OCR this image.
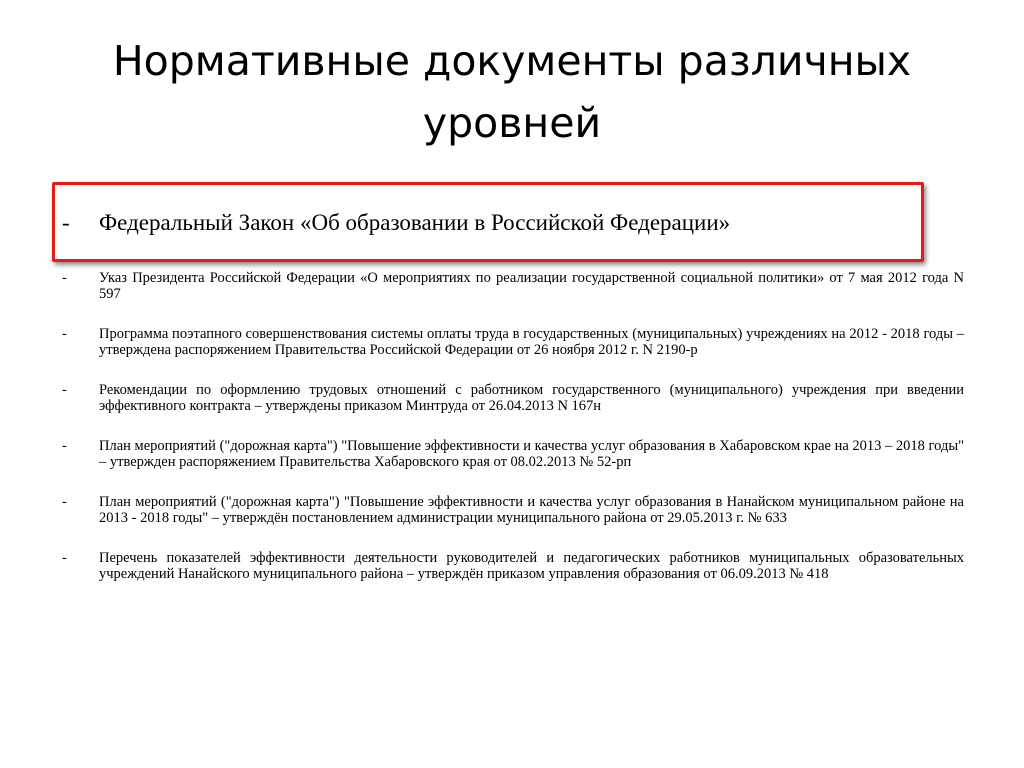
Нормативные документы различных уровней
- Федеральный Закон «Об образовании в Российской Федерации»
- Указ Президента Российской Федерации «О мероприятиях по реализации государственной социальной политики» от 7 мая 2012 года N 597
- Программа поэтапного совершенствования системы оплаты труда в государственных (муниципальных) учреждениях на 2012 - 2018 годы – утверждена распоряжением Правительства Российской Федерации от 26 ноября 2012 г. N 2190-р
- Рекомендации по оформлению трудовых отношений с работником государственного (муниципального) учреждения при введении эффективного контракта – утверждены приказом Минтруда от 26.04.2013 N 167н
- План мероприятий ("дорожная карта") "Повышение эффективности и качества услуг образования в Хабаровском крае на 2013 – 2018 годы" – утвержден распоряжением Правительства Хабаровского края от 08.02.2013 № 52-рп
- План мероприятий ("дорожная карта") "Повышение эффективности и качества услуг образования в Нанайском муниципальном районе на 2013 - 2018 годы" – утверждён постановлением администрации муниципального района от 29.05.2013 г. № 633
- Перечень показателей эффективности деятельности руководителей и педагогических работников муниципальных образовательных учреждений Нанайского муниципального района – утверждён приказом управления образования от 06.09.2013 № 418
